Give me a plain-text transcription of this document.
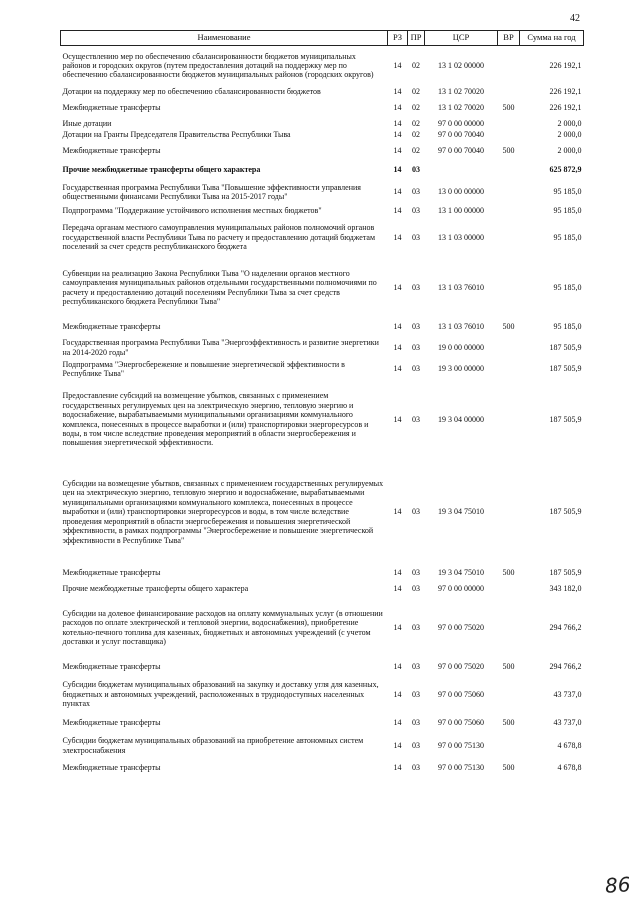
42
Наименование	РЗ	ПР	ЦСР	ВР	Сумма на год
Осуществлению мер по обеспечению сбалансированности бюджетов муниципальных районов и городских округов (путем предоставления дотаций на поддержку мер по обеспечению сбалансированности бюджетов муниципальных районов (городских округов)	14	02	13 1 02 00000		226 192,1
Дотации на поддержку мер по обеспечению сбалансированности бюджетов	14	02	13 1 02 70020		226 192,1
Межбюджетные трансферты	14	02	13 1 02 70020	500	226 192,1
Иные дотации	14	02	97 0 00 00000		2 000,0
Дотации на Гранты Председателя Правительства Республики Тыва	14	02	97 0 00 70040		2 000,0
Межбюджетные трансферты	14	02	97 0 00 70040	500	2 000,0
Прочие межбюджетные трансферты общего характера	14	03			625 872,9
Государственная программа Республики Тыва "Повышение эффективности управления общественными финансами Республики Тыва на 2015-2017 годы"	14	03	13 0 00 00000		95 185,0
Подпрограмма "Поддержание устойчивого исполнения местных бюджетов"	14	03	13 1 00 00000		95 185,0
Передача органам местного самоуправления муниципальных районов полномочий органов государственной власти Республики Тыва по расчету и предоставлению дотаций бюджетам поселений за счет средств республиканского бюджета	14	03	13 1 03 00000		95 185,0
Субвенции на реализацию Закона Республики Тыва "О наделении органов местного самоуправления муниципальных районов отдельными государственными полномочиями по расчету и предоставлению дотаций поселениям Республики Тыва за счет средств республиканского бюджета Республики Тыва"	14	03	13 1 03 76010		95 185,0
Межбюджетные трансферты	14	03	13 1 03 76010	500	95 185,0
Государственная программа Республики Тыва "Энергоэффективность и развитие энергетики на 2014-2020 годы"	14	03	19 0 00 00000		187 505,9
Подпрограмма "Энергосбережение и повышение энергетической эффективности в Республике Тыва"	14	03	19 3 00 00000		187 505,9
Предоставление субсидий на возмещение убытков, связанных с применением государственных регулируемых цен на электрическую энергию, тепловую энергию и водоснабжение, вырабатываемыми муниципальными организациями коммунального комплекса, понесенных в процессе выработки и (или) транспортировки энергоресурсов и воды, в том числе вследствие проведения мероприятий в области энергосбережения и повышения энергетической эффективности.	14	03	19 3 04 00000		187 505,9
Субсидии на возмещение убытков, связанных с применением государственных регулируемых цен на электрическую энергию, тепловую энергию и водоснабжение, вырабатываемыми муниципальными организациями коммунального комплекса, понесенных в процессе выработки и (или) транспортировки энергоресурсов и воды, в том числе вследствие проведения мероприятий в области энергосбережения и повышения энергетической эффективности, в рамках подпрограммы "Энергосбережение и повышение энергетической эффективности в Республике Тыва"	14	03	19 3 04 75010		187 505,9
Межбюджетные трансферты	14	03	19 3 04 75010	500	187 505,9
Прочие межбюджетные трансферты общего характера	14	03	97 0 00 00000		343 182,0
Субсидии на долевое финансирование расходов на оплату коммунальных услуг (в отношении расходов по оплате электрической и тепловой энергии, водоснабжения), приобретение котельно-печного топлива для казенных, бюджетных и автономных учреждений (с учетом доставки и услуг поставщика)	14	03	97 0 00 75020		294 766,2
Межбюджетные трансферты	14	03	97 0 00 75020	500	294 766,2
Субсидии бюджетам муниципальных образований на закупку и доставку угля для казенных, бюджетных и автономных учреждений, расположенных в труднодоступных населенных пунктах	14	03	97 0 00 75060		43 737,0
Межбюджетные трансферты	14	03	97 0 00 75060	500	43 737,0
Субсидии бюджетам муниципальных образований на приобретение автономных систем электроснабжения	14	03	97 0 00 75130		4 678,8
Межбюджетные трансферты	14	03	97 0 00 75130	500	4 678,8
86
